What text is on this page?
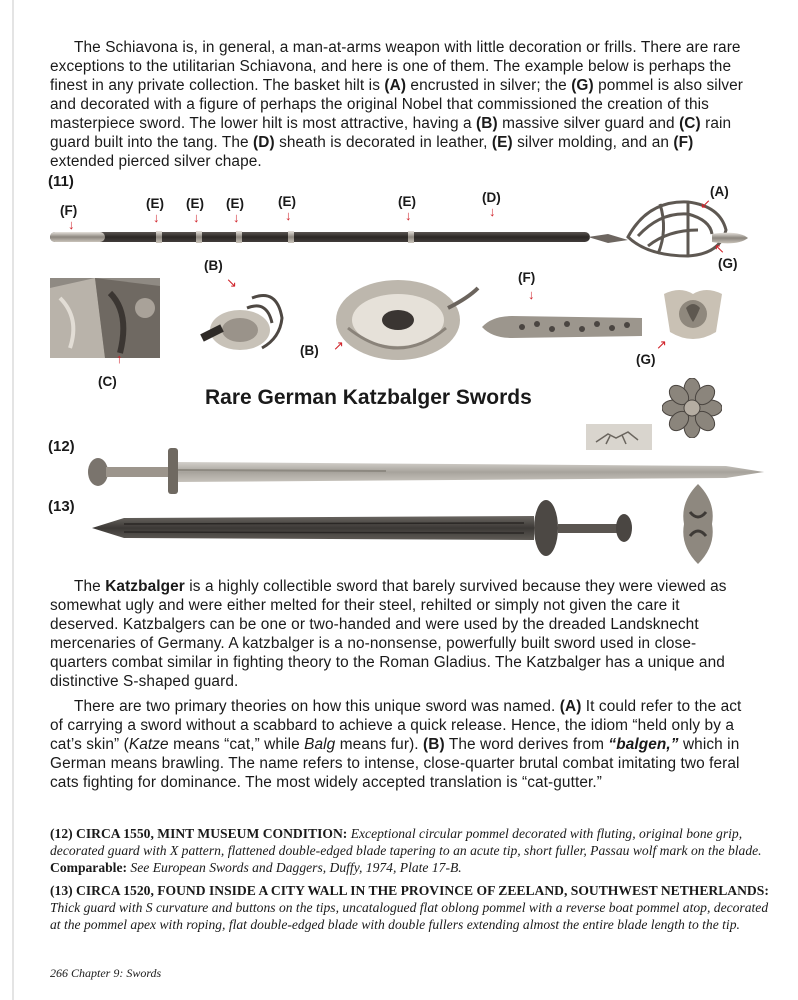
The Schiavona is, in general, a man-at-arms weapon with little decoration or frills. There are rare exceptions to the utilitarian Schiavona, and here is one of them. The example below is perhaps the finest in any private collection. The basket hilt is (A) encrusted in silver; the (G) pommel is also silver and decorated with a figure of perhaps the original Nobel that commissioned the creation of this masterpiece sword. The lower hilt is most attractive, having a (B) massive silver guard and (C) rain guard built into the tang. The (D) sheath is decorated in leather, (E) silver molding, and an (F) extended pierced silver chape.

(11)
(F)
↓
(E)
↓
(E)
↓
(E)
↓
(E)
↓
(E)
↓
(D)
↓
(A)
↙
(G)
↖
↑
(C)
(B)
↘
(B) ↗
(F)
↓
↗
(G)
Rare German Katzbalger Swords
(12)
(13)

The Katzbalger is a highly collectible sword that barely survived because they were viewed as somewhat ugly and were either melted for their steel, rehilted or simply not given the care it deserved. Katzbalgers can be one or two-handed and were used by the dreaded Landsknecht mercenaries of Germany. A katzbalger is a no-nonsense, powerfully built sword used in close-quarters combat similar in fighting theory to the Roman Gladius. The Katzbalger has a unique and distinctive S-shaped guard.

There are two primary theories on how this unique sword was named. (A) It could refer to the act of carrying a sword without a scabbard to achieve a quick release. Hence, the idiom “held only by a cat’s skin” (Katze means “cat,” while Balg means fur). (B) The word derives from “balgen,” which in German means brawling. The name refers to intense, close-quarter brutal combat imitating two feral cats fighting for dominance. The most widely accepted translation is “cat-gutter.”

(12) CIRCA 1550, MINT MUSEUM CONDITION: Exceptional circular pommel decorated with fluting, original bone grip, decorated guard with X pattern, flattened double-edged blade tapering to an acute tip, short fuller, Passau wolf mark on the blade. Comparable: See European Swords and Daggers, Duffy, 1974, Plate 17-B.

(13) CIRCA 1520, FOUND INSIDE A CITY WALL IN THE PROVINCE OF ZEELAND, SOUTHWEST NETHERLANDS: Thick guard with S curvature and buttons on the tips, uncatalogued flat oblong pommel with a reverse boat pommel atop, decorated at the pommel apex with roping, flat double-edged blade with double fullers extending almost the entire blade length to the tip.

266 Chapter 9: Swords
